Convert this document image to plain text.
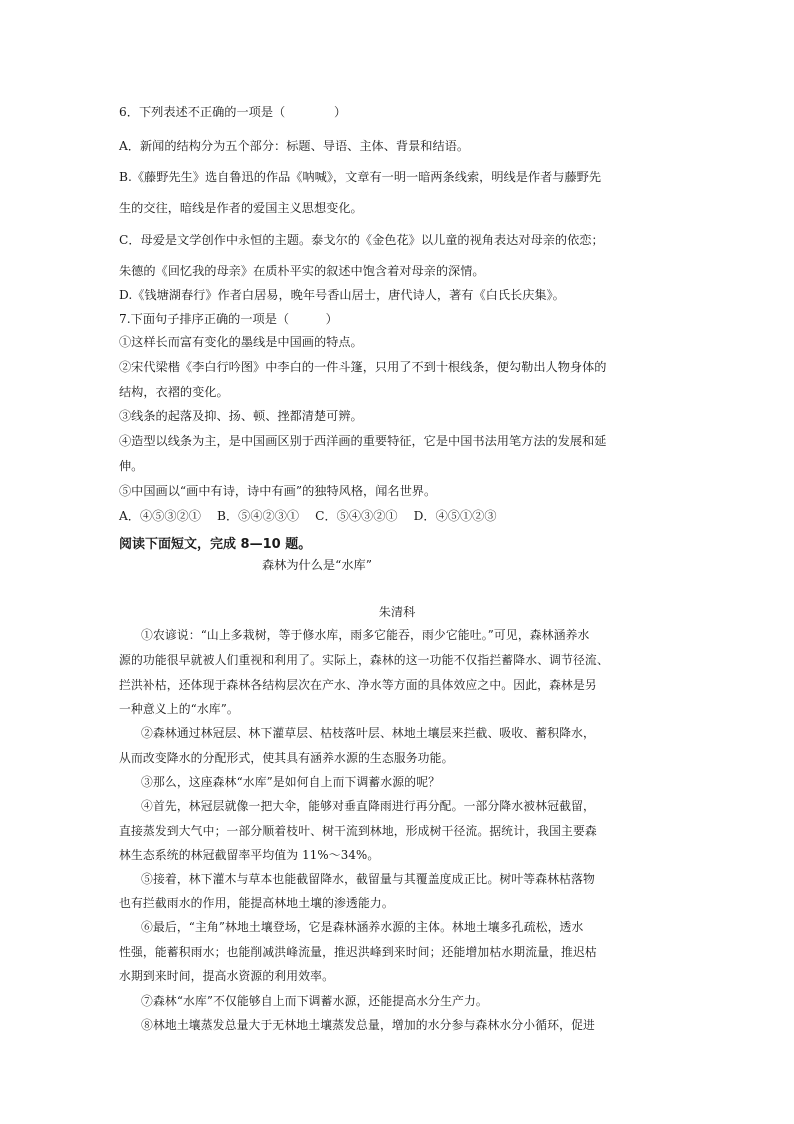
6．下列表述不正确的一项是（　　　　）
A．新闻的结构分为五个部分：标题、导语、主体、背景和结语。
B.《藤野先生》选自鲁迅的作品《呐喊》，文章有一明一暗两条线索，明线是作者与藤野先
生的交往，暗线是作者的爱国主义思想变化。
C．母爱是文学创作中永恒的主题。泰戈尔的《金色花》以儿童的视角表达对母亲的依恋；
朱德的《回忆我的母亲》在质朴平实的叙述中饱含着对母亲的深情。
D.《钱塘湖春行》作者白居易，晚年号香山居士，唐代诗人，著有《白氏长庆集》。
7.下面句子排序正确的一项是（　　　）
①这样长而富有变化的墨线是中国画的特点。
②宋代梁楷《李白行吟图》中李白的一件斗篷，只用了不到十根线条，便勾勒出人物身体的
结构，衣褶的变化。
③线条的起落及抑、扬、顿、挫都清楚可辨。
④造型以线条为主，是中国画区别于西洋画的重要特征，它是中国书法用笔方法的发展和延
伸。
⑤中国画以“画中有诗，诗中有画”的独特风格，闻名世界。
A．④⑤③②①　 B．⑤④②③①　 C．⑤④③②①　 D．④⑤①②③
阅读下面短文，完成 8—10 题。
森林为什么是“水库”
朱清科
①农谚说：“山上多栽树，等于修水库，雨多它能吞，雨少它能吐。”可见，森林涵养水
源的功能很早就被人们重视和利用了。实际上，森林的这一功能不仅指拦蓄降水、调节径流、
拦洪补枯，还体现于森林各结构层次在产水、净水等方面的具体效应之中。因此，森林是另
一种意义上的“水库”。
②森林通过林冠层、林下灌草层、枯枝落叶层、林地土壤层来拦截、吸收、蓄积降水，
从而改变降水的分配形式，使其具有涵养水源的生态服务功能。
③那么，这座森林“水库”是如何自上而下调蓄水源的呢？
④首先，林冠层就像一把大伞，能够对垂直降雨进行再分配。一部分降水被林冠截留，
直接蒸发到大气中；一部分顺着枝叶、树干流到林地，形成树干径流。据统计，我国主要森
林生态系统的林冠截留率平均值为 11%～34%。
⑤接着，林下灌木与草本也能截留降水，截留量与其覆盖度成正比。树叶等森林枯落物
也有拦截雨水的作用，能提高林地土壤的渗透能力。
⑥最后，“主角”林地土壤登场，它是森林涵养水源的主体。林地土壤多孔疏松，透水
性强，能蓄积雨水；也能削减洪峰流量，推迟洪峰到来时间；还能增加枯水期流量，推迟枯
水期到来时间，提高水资源的利用效率。
⑦森林“水库”不仅能够自上而下调蓄水源，还能提高水分生产力。
⑧林地土壤蒸发总量大于无林地土壤蒸发总量，增加的水分参与森林水分小循环，促进
